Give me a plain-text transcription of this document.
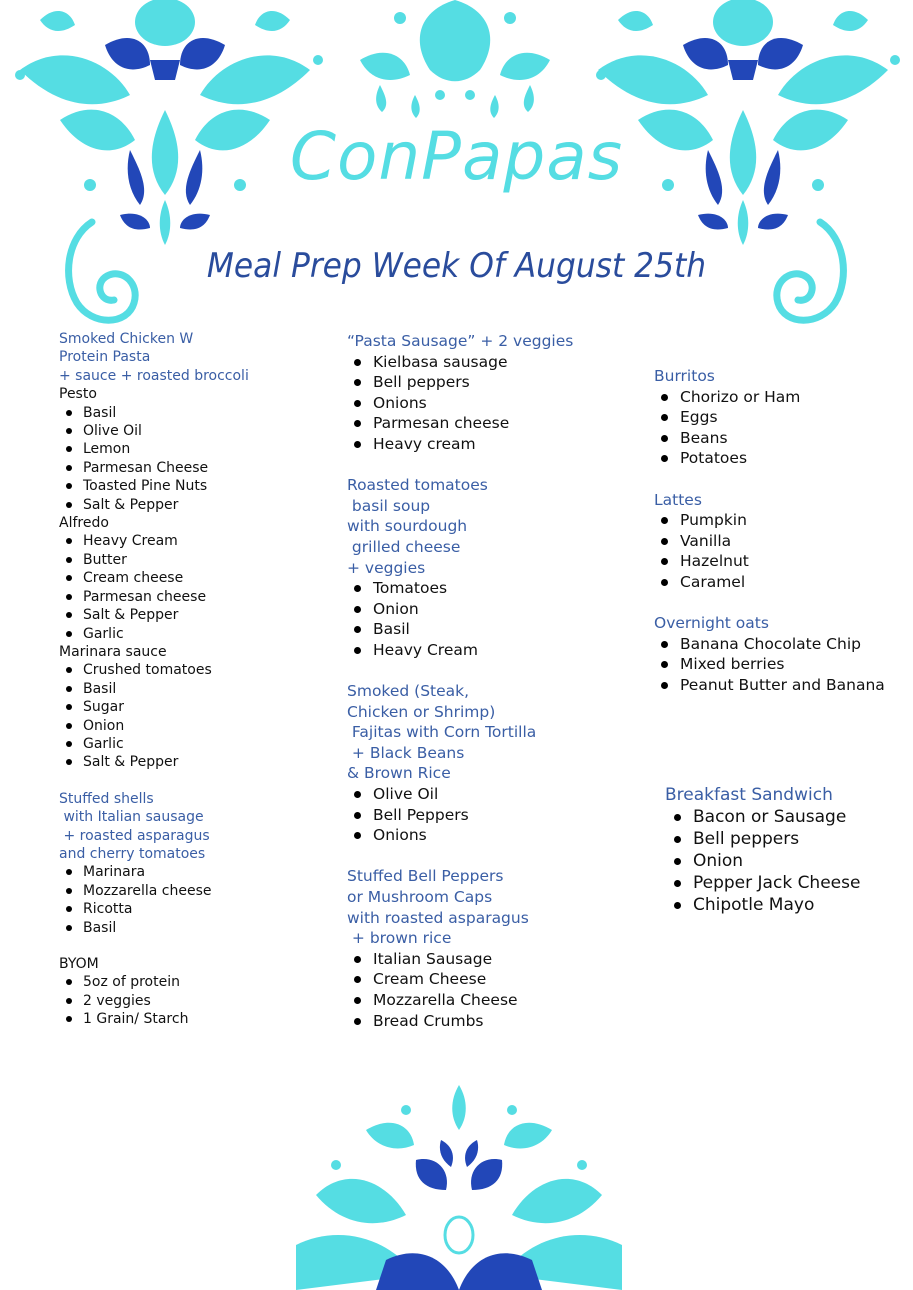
ConPapas
Meal Prep Week Of August 25th
Smoked Chicken W
Protein Pasta
+ sauce + roasted broccoli
Pesto
Basil
Olive Oil
Lemon
Parmesan Cheese
Toasted Pine Nuts
Salt & Pepper
Alfredo
Heavy Cream
Butter
Cream cheese
Parmesan cheese
Salt & Pepper
Garlic
Marinara sauce
Crushed tomatoes
Basil
Sugar
Onion
Garlic
Salt & Pepper
Stuffed shells
with Italian sausage
+ roasted asparagus
and cherry tomatoes
Marinara
Mozzarella cheese
Ricotta
Basil
BYOM
5oz of protein
2 veggies
1 Grain/ Starch
“Pasta Sausage” + 2 veggies
Kielbasa sausage
Bell peppers
Onions
Parmesan cheese
Heavy cream
Roasted tomatoes
basil soup
with sourdough
grilled cheese
+ veggies
Tomatoes
Onion
Basil
Heavy Cream
Smoked (Steak,
Chicken or Shrimp)
Fajitas with Corn Tortilla
+ Black Beans
& Brown Rice
Olive Oil
Bell Peppers
Onions
Stuffed Bell Peppers
or Mushroom Caps
with roasted asparagus
+ brown rice
Italian Sausage
Cream Cheese
Mozzarella Cheese
Bread Crumbs
Burritos
Chorizo or Ham
Eggs
Beans
Potatoes
Lattes
Pumpkin
Vanilla
Hazelnut
Caramel
Overnight oats
Banana Chocolate Chip
Mixed berries
Peanut Butter and Banana
Breakfast Sandwich
Bacon or Sausage
Bell peppers
Onion
Pepper Jack Cheese
Chipotle Mayo
